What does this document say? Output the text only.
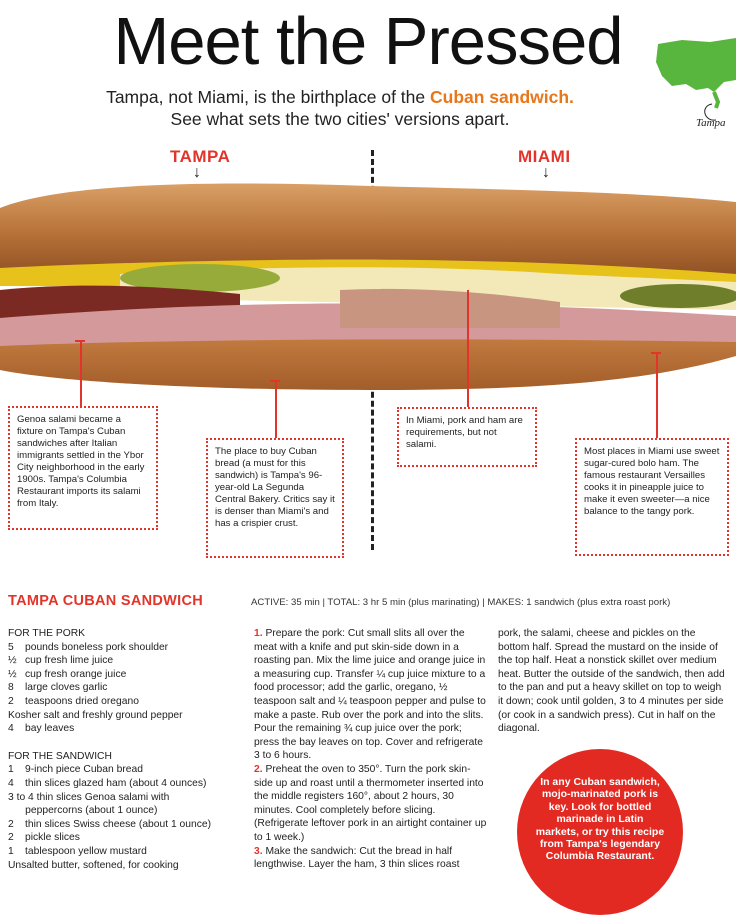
Meet the Pressed
Tampa, not Miami, is the birthplace of the Cuban sandwich.
See what sets the two cities' versions apart.	Tampa
TAMPA
↓
MIAMI
↓
Genoa salami became a fixture on Tampa's Cuban sandwiches after Italian immigrants settled in the Ybor City neighborhood in the early 1900s. Tampa's Columbia Restaurant imports its salami from Italy.
The place to buy Cuban bread (a must for this sandwich) is Tampa's 96-year-old La Segunda Central Bakery. Critics say it is denser than Miami's and has a crispier crust.
In Miami, pork and ham are requirements, but not salami.
Most places in Miami use sweet sugar-cured bolo ham. The famous restaurant Versailles cooks it in pineapple juice to make it even sweeter—a nice balance to the tangy pork.
TAMPA CUBAN SANDWICH	ACTIVE: 35 min | TOTAL: 3 hr 5 min (plus marinating) | MAKES: 1 sandwich (plus extra roast pork)
FOR THE PORK
5	pounds boneless pork shoulder
½ cup fresh lime juice
½ cup fresh orange juice
8	large cloves garlic
2	teaspoons dried oregano
Kosher salt and freshly ground pepper
4	bay leaves
FOR THE SANDWICH
1	9-inch piece Cuban bread
4	thin slices glazed ham (about 4 ounces)
3 to 4 thin slices Genoa salami with
peppercorns (about 1 ounce)
2	thin slices Swiss cheese (about 1 ounce)
2	pickle slices
1	tablespoon yellow mustard
Unsalted butter, softened, for cooking
1. Prepare the pork: Cut small slits all over the meat with a knife and put skin-side down in a roasting pan. Mix the lime juice and orange juice in a measuring cup. Transfer ¼ cup juice mixture to a food processor; add the garlic, oregano, ½ teaspoon salt and ¼ teaspoon pepper and pulse to make a paste. Rub over the pork and into the slits. Pour the remaining ¾ cup juice over the pork; press the bay leaves on top. Cover and refrigerate 3 to 6 hours.
2. Preheat the oven to 350°. Turn the pork skin-side up and roast until a thermometer inserted into the middle registers 160°, about 2 hours, 30 minutes. Cool completely before slicing. (Refrigerate leftover pork in an airtight container up to 1 week.)
3. Make the sandwich: Cut the bread in half lengthwise. Layer the ham, 3 thin slices roast
pork, the salami, cheese and pickles on the bottom half. Spread the mustard on the inside of the top half. Heat a nonstick skillet over medium heat. Butter the outside of the sandwich, then add to the pan and put a heavy skillet on top to weigh it down; cook until golden, 3 to 4 minutes per side (or cook in a sandwich press). Cut in half on the diagonal.
In any Cuban sandwich, mojo-marinated pork is key. Look for bottled marinade in Latin markets, or try this recipe from Tampa's legendary Columbia Restaurant.
